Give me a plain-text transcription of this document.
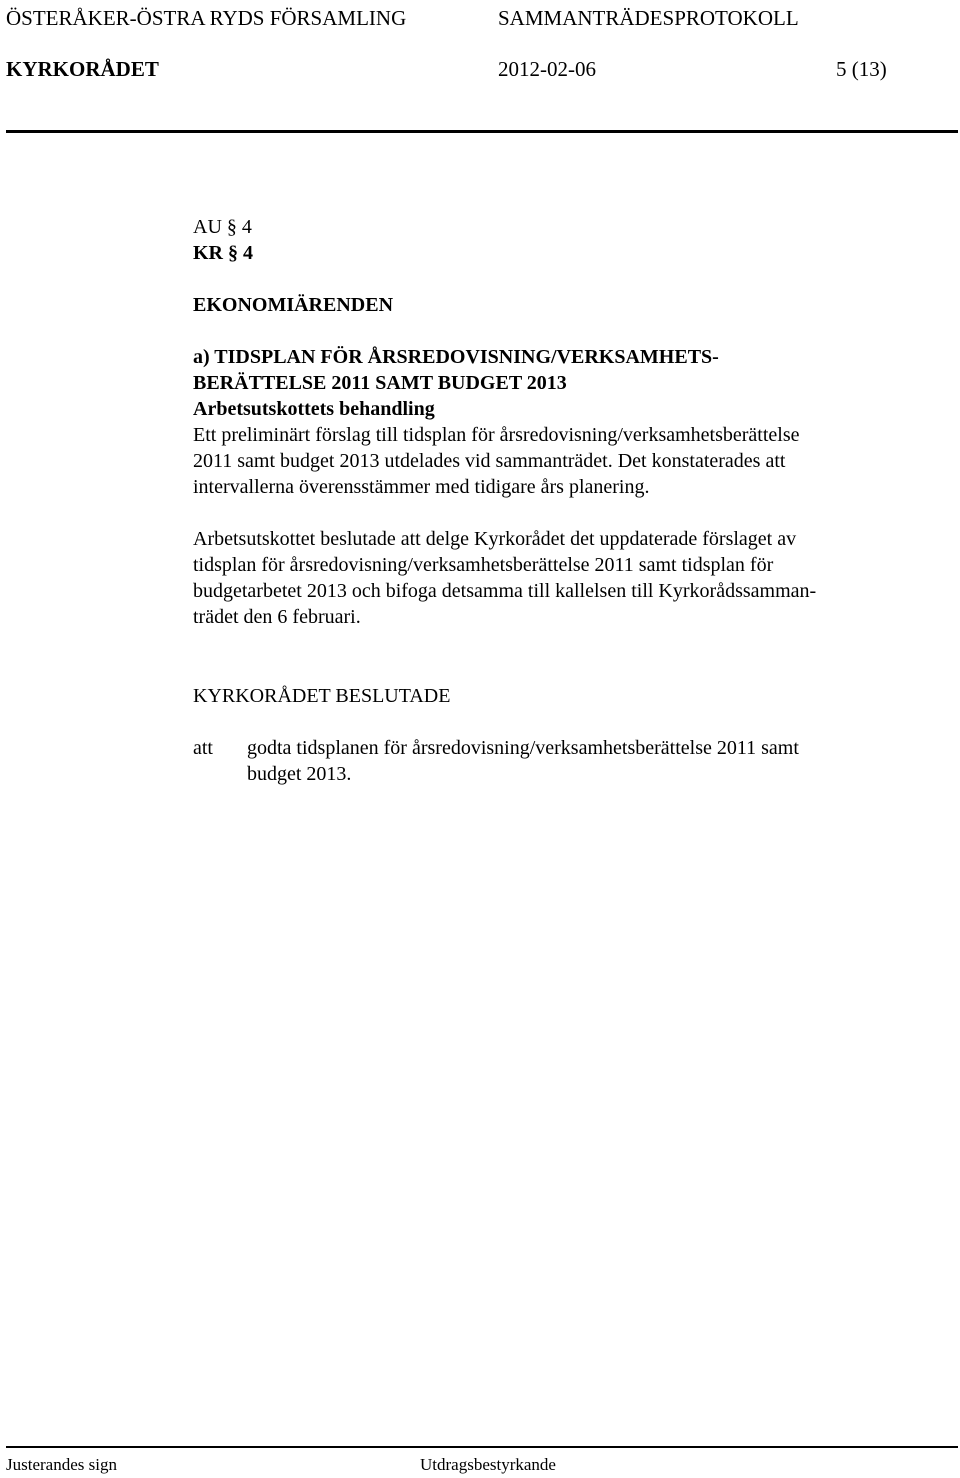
ÖSTERÅKER-ÖSTRA RYDS FÖRSAMLING	SAMMANTRÄDESPROTOKOLL
KYRKORÅDET	2012-02-06	5 (13)
AU § 4
KR § 4
EKONOMIÄRENDEN
a) TIDSPLAN FÖR ÅRSREDOVISNING/VERKSAMHETS-
BERÄTTELSE 2011 SAMT BUDGET 2013
Arbetsutskottets behandling
Ett preliminärt förslag till tidsplan för årsredovisning/verksamhetsberättelse
2011 samt budget 2013 utdelades vid sammanträdet. Det konstaterades att
intervallerna överensstämmer med tidigare års planering.
Arbetsutskottet beslutade att delge Kyrkorådet det uppdaterade förslaget av
tidsplan för årsredovisning/verksamhetsberättelse 2011 samt tidsplan för
budgetarbetet 2013 och bifoga detsamma till kallelsen till Kyrkorådssamman-
trädet den 6 februari.
KYRKORÅDET BESLUTADE
att godta tidsplanen för årsredovisning/verksamhetsberättelse 2011 samt
budget 2013.
Justerandes sign	Utdragsbestyrkande
